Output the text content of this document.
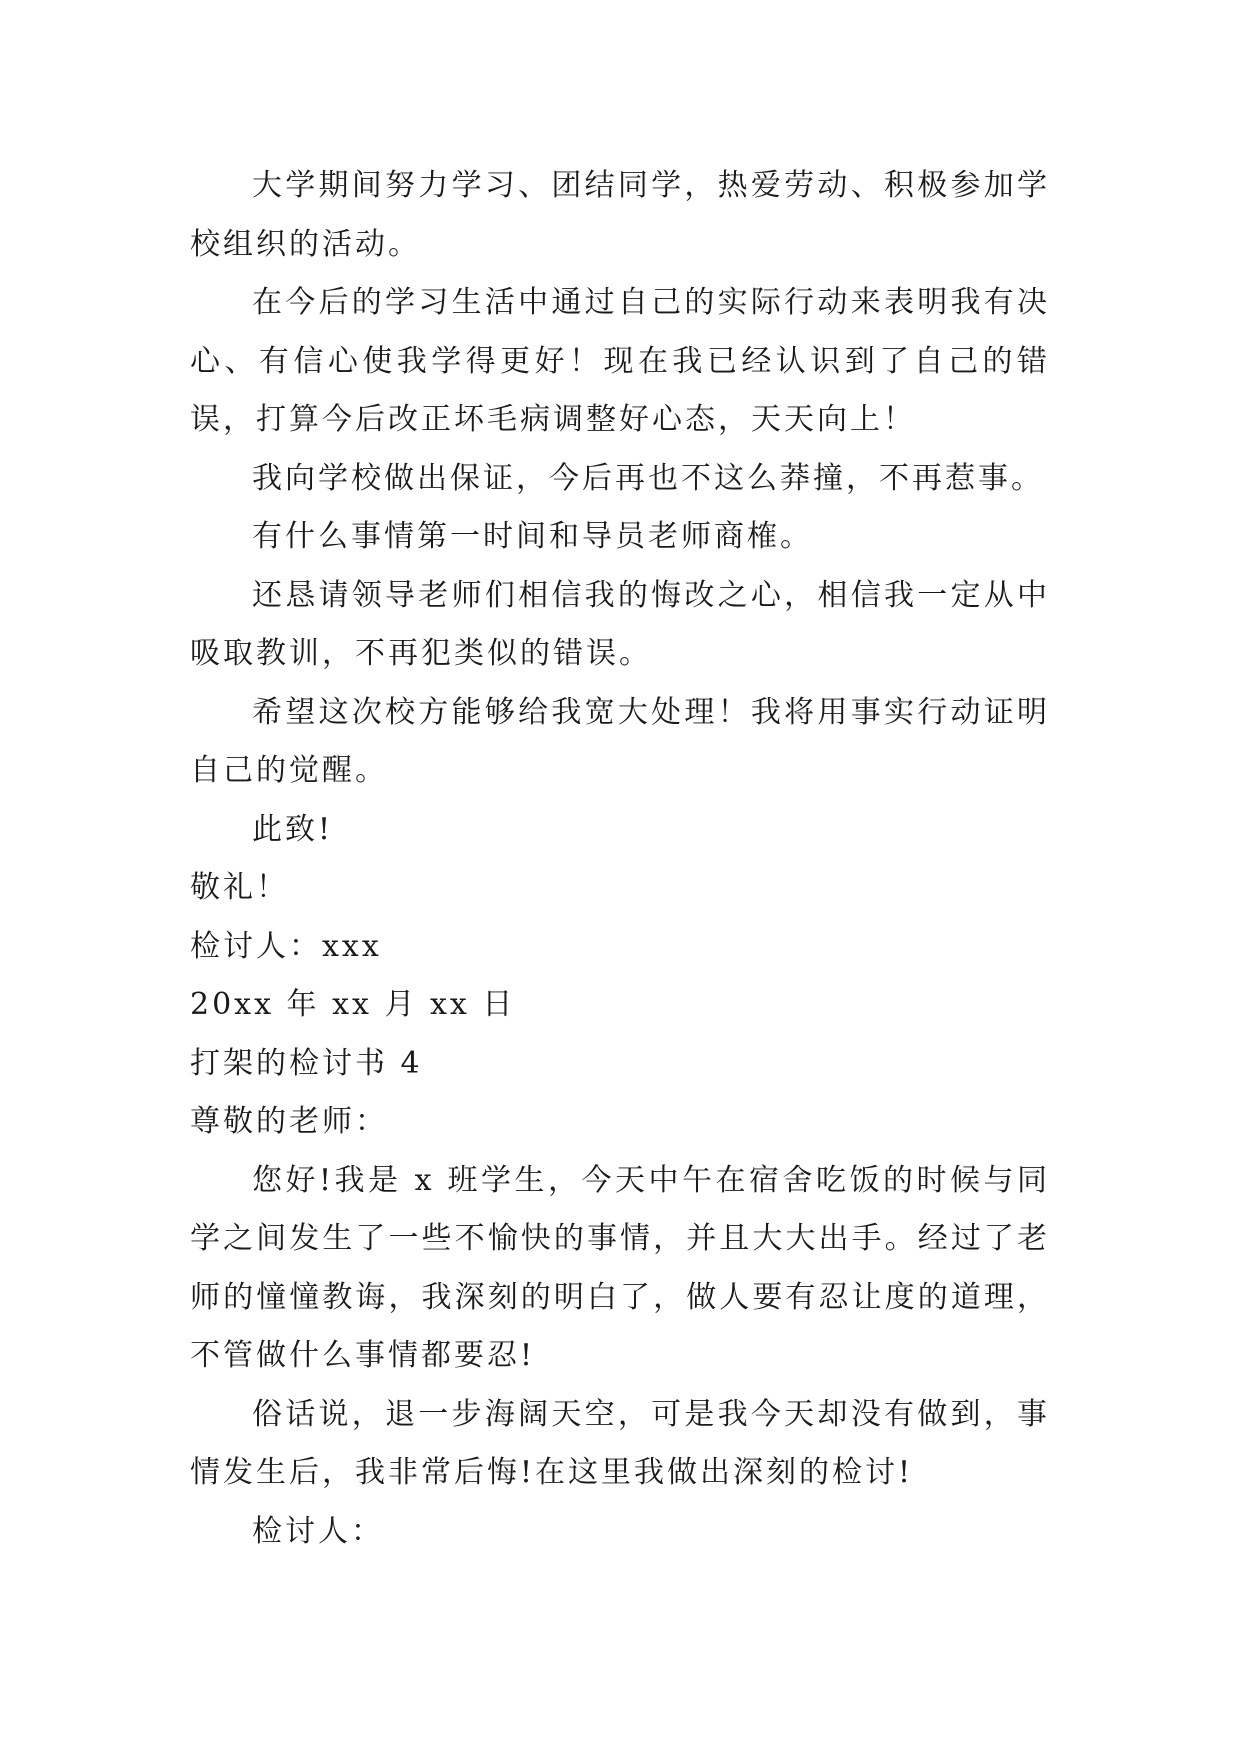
大学期间努力学习、团结同学，热爱劳动、积极参加学校组织的活动。

在今后的学习生活中通过自己的实际行动来表明我有决心、有信心使我学得更好！现在我已经认识到了自己的错误，打算今后改正坏毛病调整好心态，天天向上！

我向学校做出保证，今后再也不这么莽撞，不再惹事。

有什么事情第一时间和导员老师商榷。

还恳请领导老师们相信我的悔改之心，相信我一定从中吸取教训，不再犯类似的错误。

希望这次校方能够给我宽大处理！我将用事实行动证明自己的觉醒。

此致!

敬礼！

检讨人：xxx

20xx 年 xx 月 xx 日

打架的检讨书 4

尊敬的老师：

您好!我是 x 班学生，今天中午在宿舍吃饭的时候与同学之间发生了一些不愉快的事情，并且大大出手。经过了老师的憧憧教诲，我深刻的明白了，做人要有忍让度的道理，不管做什么事情都要忍!

俗话说，退一步海阔天空，可是我今天却没有做到，事情发生后，我非常后悔!在这里我做出深刻的检讨!

检讨人：
